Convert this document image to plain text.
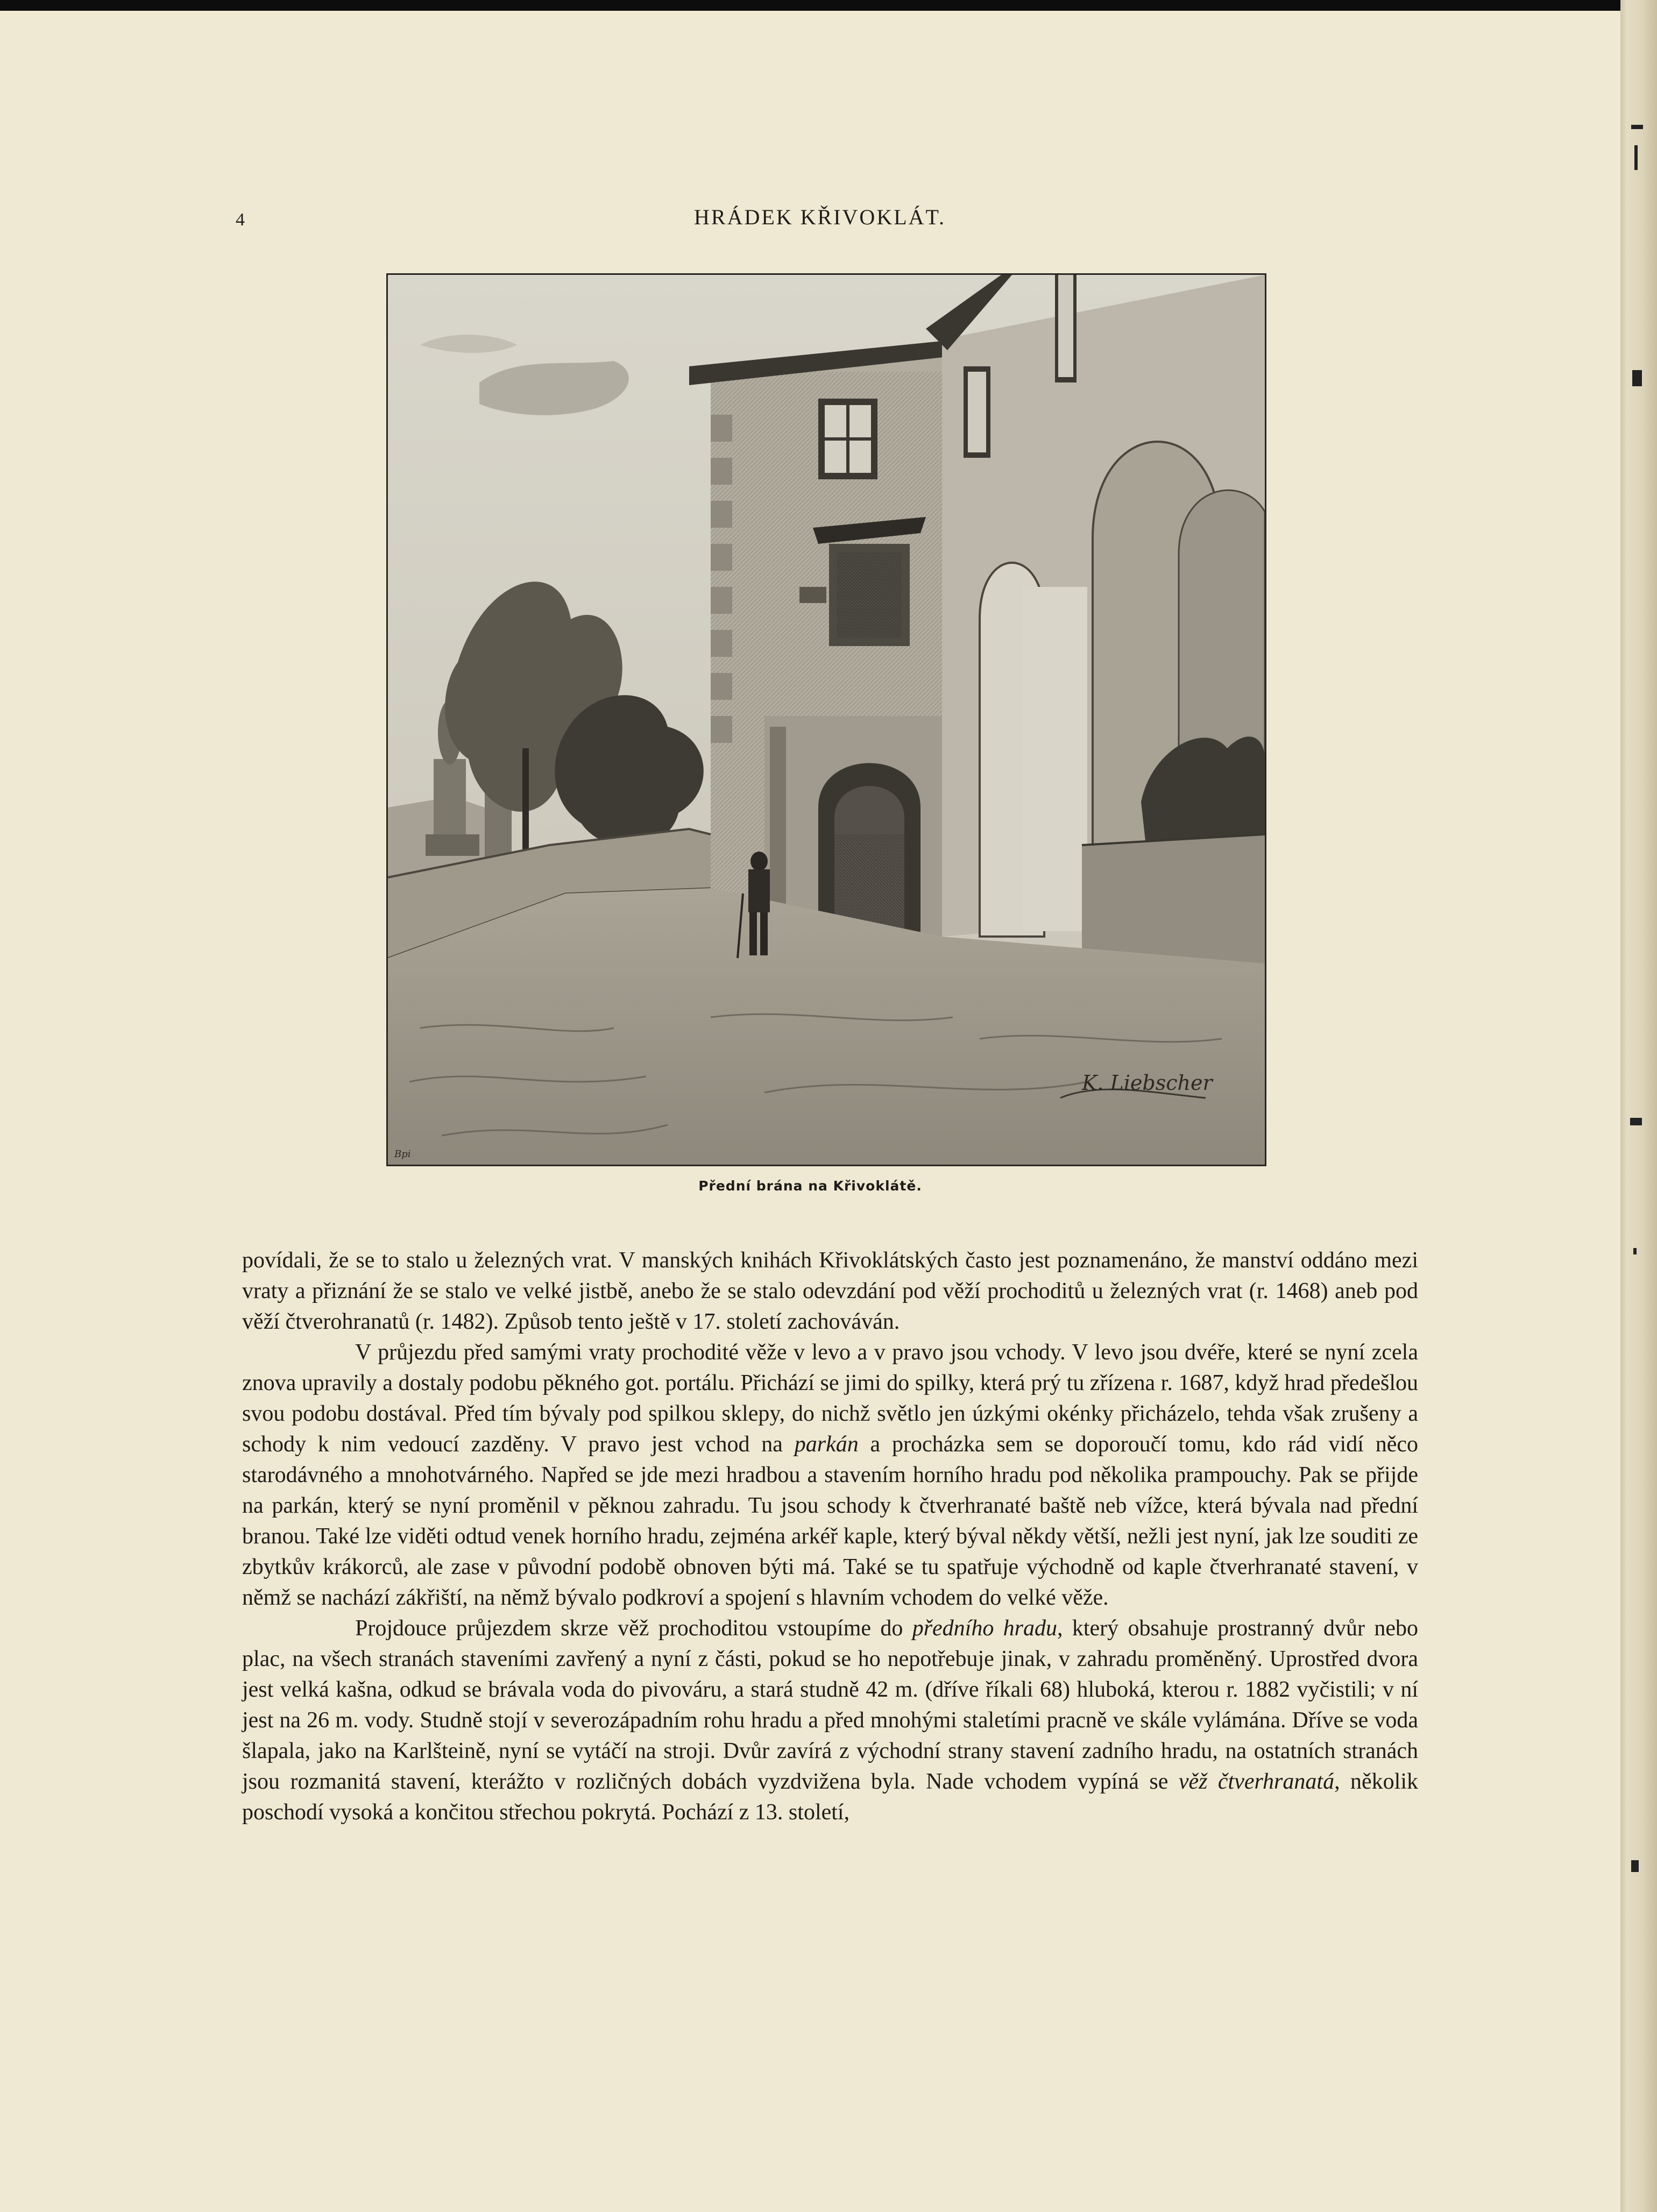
4	HRÁDEK KŘIVOKLÁT.
K. Liebscher
Bpi
Přední brána na Křivoklátě.

povídali, že se to stalo u železných vrat. V manských knihách Křivoklátských často jest poznamenáno, že manství oddáno mezi vraty a přiznání že se stalo ve velké jistbě, anebo že se stalo odevzdání pod věží prochoditů u železných vrat (r. 1468) aneb pod věží čtverohranatů (r. 1482). Způsob tento ještě v 17. století zachováván.

V průjezdu před samými vraty prochodité věže v levo a v pravo jsou vchody. V levo jsou dvéře, které se nyní zcela znova upravily a dostaly podobu pěkného got. portálu. Přichází se jimi do spilky, která prý tu zřízena r. 1687, když hrad předešlou svou podobu dostával. Před tím bývaly pod spilkou sklepy, do nichž světlo jen úzkými okénky přicházelo, tehda však zrušeny a schody k nim vedoucí zazděny. V pravo jest vchod na parkán a procházka sem se doporoučí tomu, kdo rád vidí něco starodávného a mnohotvárného. Napřed se jde mezi hradbou a stavením horního hradu pod několika prampouchy. Pak se přijde na parkán, který se nyní proměnil v pěknou zahradu. Tu jsou schody k čtverhranaté baště neb vížce, která bývala nad přední branou. Také lze viděti odtud venek horního hradu, zejména arkéř kaple, který býval někdy větší, nežli jest nyní, jak lze souditi ze zbytkův krákorců, ale zase v původní podobě obnoven býti má. Také se tu spatřuje východně od kaple čtverhranaté stavení, v němž se nachází zákřiští, na němž bývalo podkroví a spojení s hlavním vchodem do velké věže.

Projdouce průjezdem skrze věž prochoditou vstoupíme do předního hradu, který obsahuje prostranný dvůr nebo plac, na všech stranách staveními zavřený a nyní z části, pokud se ho nepotřebuje jinak, v zahradu proměněný. Uprostřed dvora jest velká kašna, odkud se brávala voda do pivováru, a stará studně 42 m. (dříve říkali 68) hluboká, kterou r. 1882 vyčistili; v ní jest na 26 m. vody. Studně stojí v severozápadním rohu hradu a před mnohými staletími pracně ve skále vylámána. Dříve se voda šlapala, jako na Karlšteině, nyní se vytáčí na stroji. Dvůr zavírá z východní strany stavení zadního hradu, na ostatních stranách jsou rozmanitá stavení, kterážto v rozličných dobách vyzdvižena byla. Nade vchodem vypíná se věž čtverhranatá, několik poschodí vysoká a končitou střechou pokrytá. Pochází z 13. století,
